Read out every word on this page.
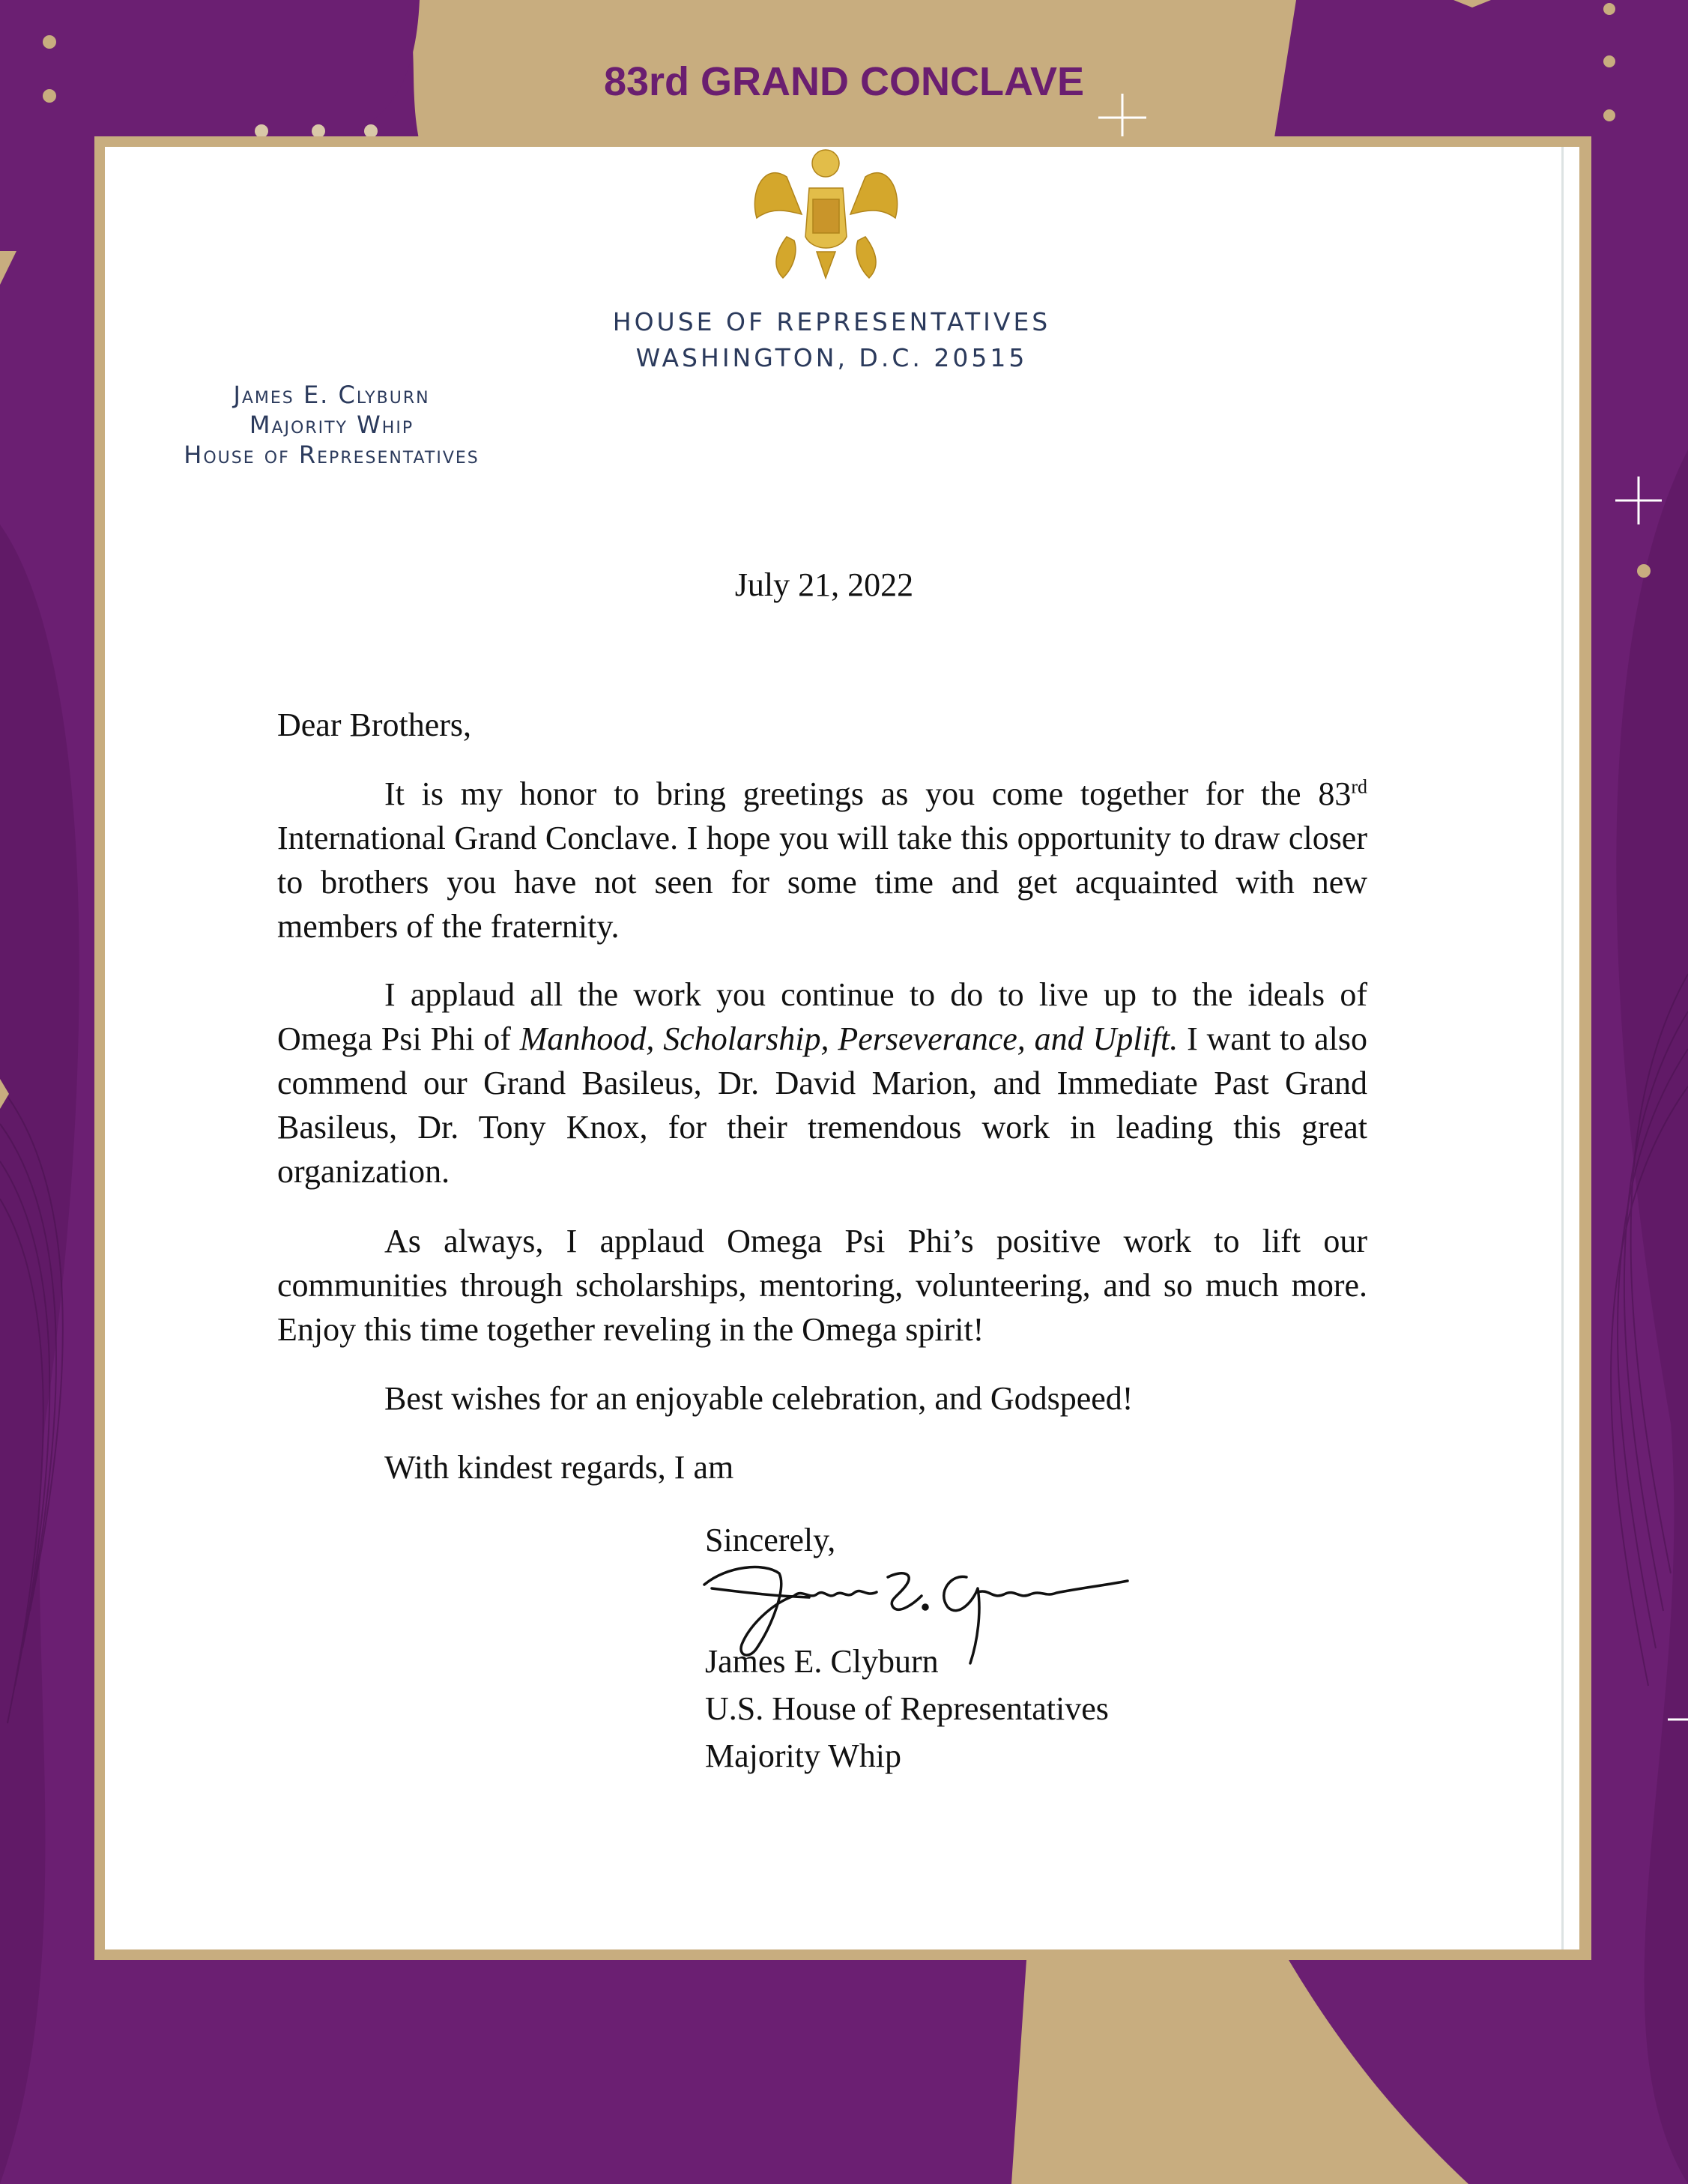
83rd GRAND CONCLAVE
HOUSE OF REPRESENTATIVES
WASHINGTON, D.C. 20515
James E. Clyburn
Majority Whip
House of Representatives
July 21, 2022
Dear Brothers,

It is my honor to bring greetings as you come together for the 83rd International Grand Conclave. I hope you will take this opportunity to draw closer to brothers you have not seen for some time and get acquainted with new members of the fraternity.

I applaud all the work you continue to do to live up to the ideals of Omega Psi Phi of Manhood, Scholarship, Perseverance, and Uplift. I want to also commend our Grand Basileus, Dr. David Marion, and Immediate Past Grand Basileus, Dr. Tony Knox, for their tremendous work in leading this great organization.

As always, I applaud Omega Psi Phi’s positive work to lift our communities through scholarships, mentoring, volunteering, and so much more. Enjoy this time together reveling in the Omega spirit!

Best wishes for an enjoyable celebration, and Godspeed!

With kindest regards, I am

Sincerely,
James E. Clyburn
U.S. House of Representatives
Majority Whip
